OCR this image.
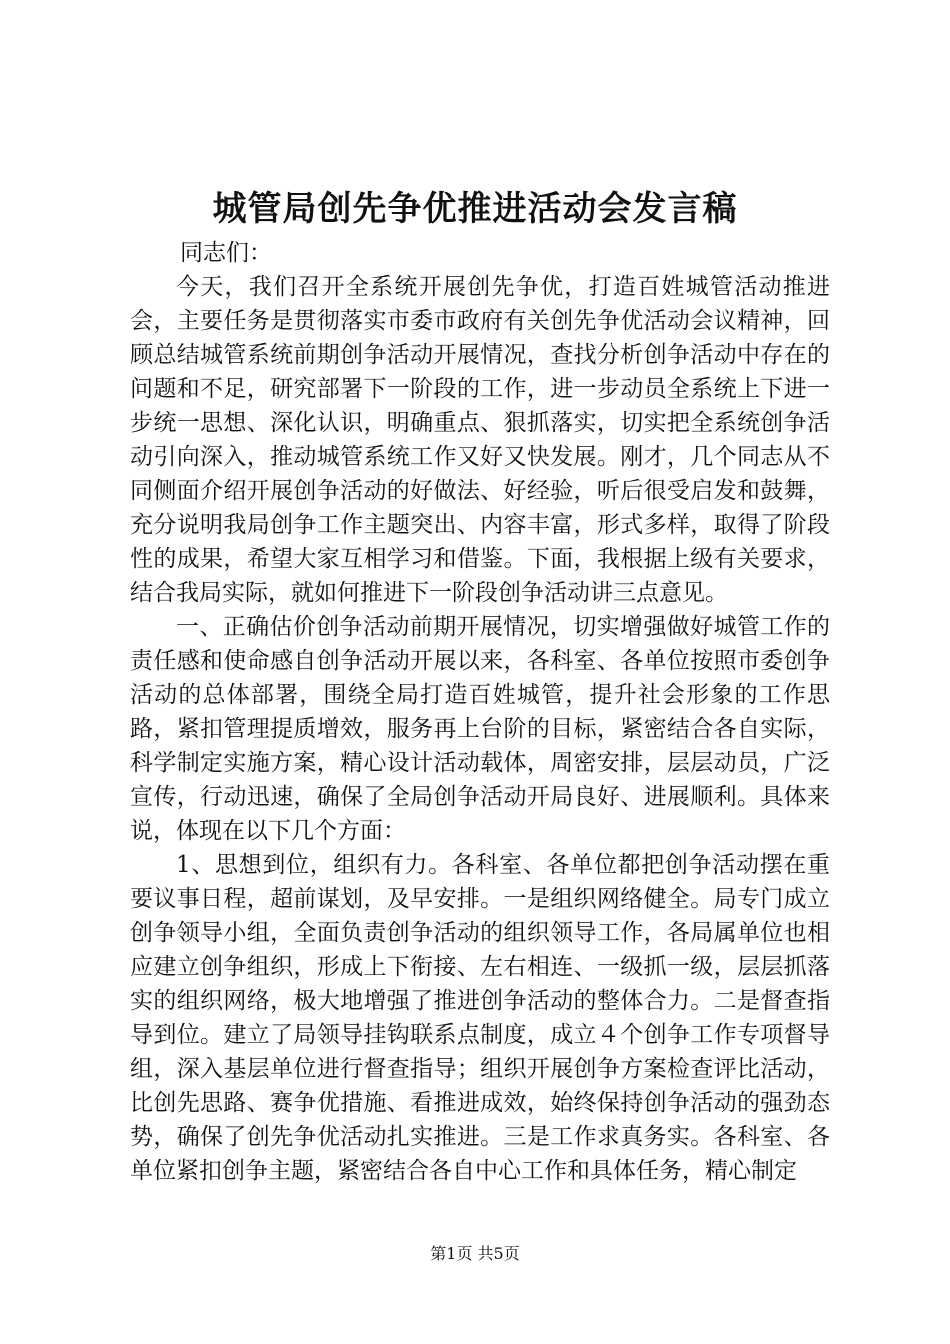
城管局创先争优推进活动会发言稿

同志们：

今天，我们召开全系统开展创先争优，打造百姓城管活动推进会，主要任务是贯彻落实市委市政府有关创先争优活动会议精神，回顾总结城管系统前期创争活动开展情况，查找分析创争活动中存在的问题和不足，研究部署下一阶段的工作，进一步动员全系统上下进一步统一思想、深化认识，明确重点、狠抓落实，切实把全系统创争活动引向深入，推动城管系统工作又好又快发展。刚才，几个同志从不同侧面介绍开展创争活动的好做法、好经验，听后很受启发和鼓舞，充分说明我局创争工作主题突出、内容丰富，形式多样，取得了阶段性的成果，希望大家互相学习和借鉴。下面，我根据上级有关要求，结合我局实际，就如何推进下一阶段创争活动讲三点意见。

一、正确估价创争活动前期开展情况，切实增强做好城管工作的责任感和使命感自创争活动开展以来，各科室、各单位按照市委创争活动的总体部署，围绕全局打造百姓城管，提升社会形象的工作思路，紧扣管理提质增效，服务再上台阶的目标，紧密结合各自实际，科学制定实施方案，精心设计活动载体，周密安排，层层动员，广泛宣传，行动迅速，确保了全局创争活动开局良好、进展顺利。具体来说，体现在以下几个方面：

1、思想到位，组织有力。各科室、各单位都把创争活动摆在重要议事日程，超前谋划，及早安排。一是组织网络健全。局专门成立创争领导小组，全面负责创争活动的组织领导工作，各局属单位也相应建立创争组织，形成上下衔接、左右相连、一级抓一级，层层抓落实的组织网络，极大地增强了推进创争活动的整体合力。二是督查指导到位。建立了局领导挂钩联系点制度，成立４个创争工作专项督导组，深入基层单位进行督查指导；组织开展创争方案检查评比活动，比创先思路、赛争优措施、看推进成效，始终保持创争活动的强劲态势，确保了创先争优活动扎实推进。三是工作求真务实。各科室、各单位紧扣创争主题，紧密结合各自中心工作和具体任务，精心制定

第1页 共5页
